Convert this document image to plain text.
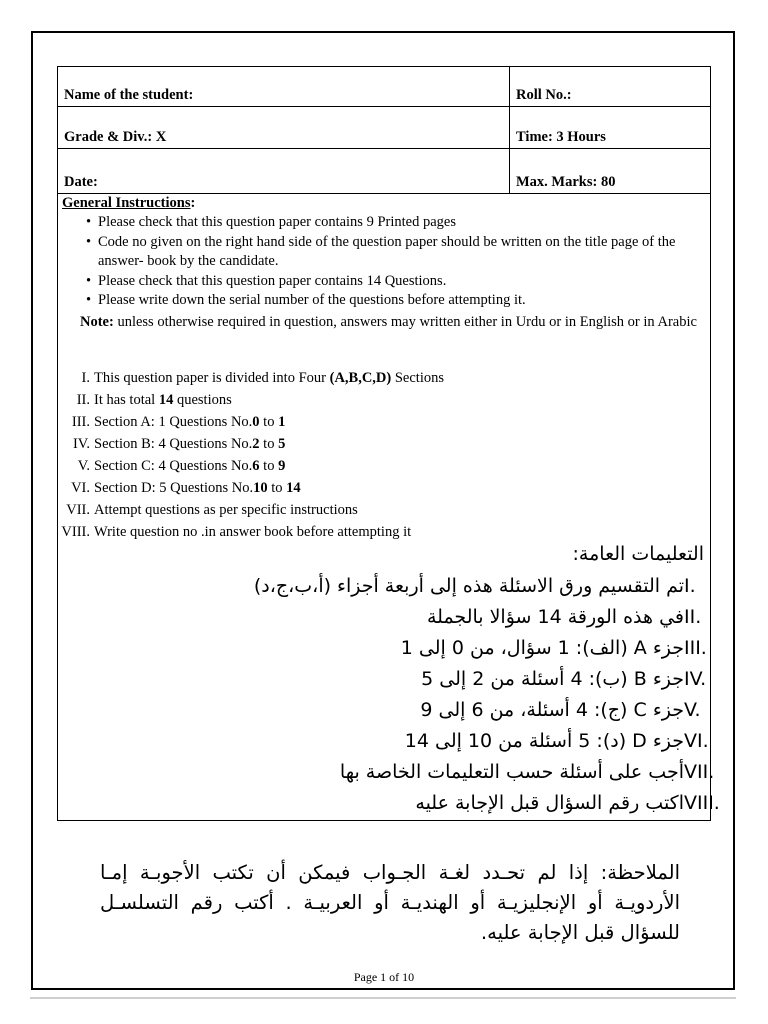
Name of the student:	Roll No.:
Grade & Div.: X	Time: 3 Hours
Date:	Max. Marks: 80
General Instructions:
• Please check that this question paper contains 9 Printed pages
• Code no given on the right hand side of the question paper should be written on the title page of the answer- book by the candidate.
• Please check that this question paper contains 14 Questions.
• Please write down the serial number of the questions before attempting it.
Note: unless otherwise required in question, answers may written either in Urdu or in English or in Arabic
I. This question paper is divided into Four (A,B,C,D) Sections
II. It has total 14 questions
III. Section A: 1 Questions No.0 to 1
IV. Section B: 4 Questions No.2 to 5
V. Section C: 4 Questions No.6 to 9
VI. Section D: 5 Questions No.10 to 14
VII. Attempt questions as per specific instructions
VIII. Write question no .in answer book before attempting it
التعليمات العامة:
I.
تم التقسيم ورق الاسئلة هذه إلى أربعة أجزاء (أ،ب،ج،د)
II.
في هذه الورقة 14 سؤالا بالجملة
III.
جزء A (الف): 1 سؤال، من 0 إلى 1
IV.
جزء B (ب): 4 أسئلة من 2 إلى 5
V.
جزء C (ج): 4 أسئلة، من 6 إلى 9
VI.
جزء D (د): 5 أسئلة من 10 إلى 14
VII.
أجب على أسئلة حسب التعليمات الخاصة بها
VIII.
اكتب رقم السؤال قبل الإجابة عليه
الملاحظة: إذا لم تحـدد لغـة الجـواب فيمكن أن تكتب الأجوبـة إمـا الأردويـة أو الإنجليزيـة أو الهنديـة أو العربيـة . أكتب رقم التسلسـل للسؤال قبل الإجابة عليه.
Page 1 of 10
